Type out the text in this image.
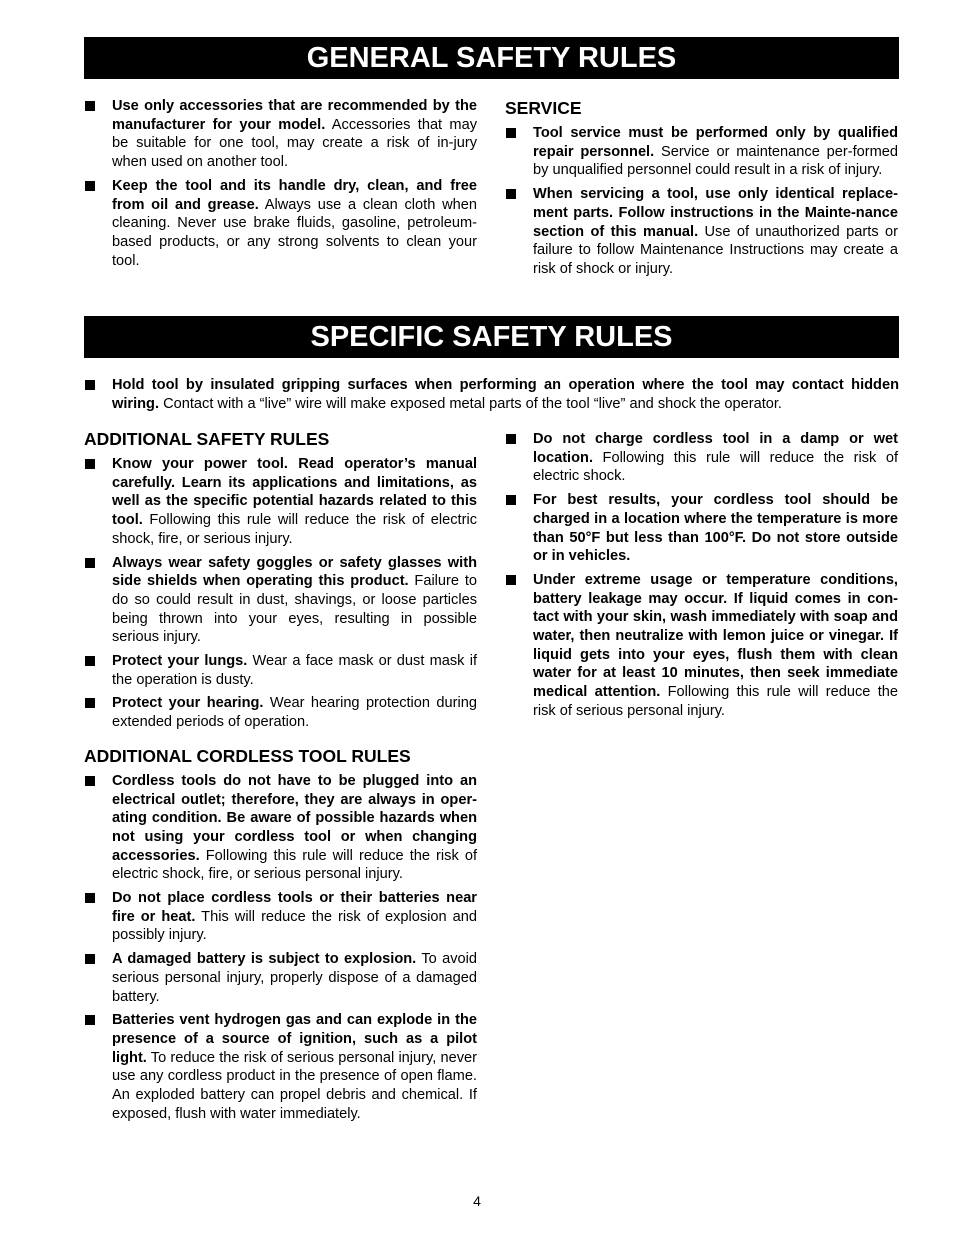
GENERAL SAFETY RULES
Use only accessories that are recommended by the manufacturer for your model. Accessories that may be suitable for one tool, may create a risk of in-jury when used on another tool.
Keep the tool and its handle dry, clean, and free from oil and grease. Always use a clean cloth when cleaning. Never use brake fluids, gasoline, petroleum-based products, or any strong solvents to clean your tool.
SERVICE
Tool service must be performed only by qualified repair personnel. Service or maintenance per-formed by unqualified personnel could result in a risk of injury.
When servicing a tool, use only identical replace-ment parts. Follow instructions in the Mainte-nance section of this manual. Use of unauthorized parts or failure to follow Maintenance Instructions may create a risk of shock or injury.
SPECIFIC SAFETY RULES
Hold tool by insulated gripping surfaces when performing an operation where the tool may contact hidden wiring. Contact with a “live” wire will make exposed metal parts of the tool “live” and shock the operator.
ADDITIONAL SAFETY RULES
Know your power tool. Read operator’s manual carefully. Learn its applications and limitations, as well as the specific potential hazards related to this tool. Following this rule will reduce the risk of electric shock, fire, or serious injury.
Always wear safety goggles or safety glasses with side shields when operating this product. Failure to do so could result in dust, shavings, or loose particles being thrown into your eyes, resulting in possible serious injury.
Protect your lungs. Wear a face mask or dust mask if the operation is dusty.
Protect your hearing. Wear hearing protection during extended periods of operation.
ADDITIONAL CORDLESS TOOL RULES
Cordless tools do not have to be plugged into an electrical outlet; therefore, they are always in oper-ating condition. Be aware of possible hazards when not using your cordless tool or when changing accessories. Following this rule will reduce the risk of electric shock, fire, or serious personal injury.
Do not place cordless tools or their batteries near fire or heat. This will reduce the risk of explosion and possibly injury.
A damaged battery is subject to explosion. To avoid serious personal injury, properly dispose of a damaged battery.
Batteries vent hydrogen gas and can explode in the presence of a source of ignition, such as a pilot light. To reduce the risk of serious personal injury, never use any cordless product in the presence of open flame. An exploded battery can propel debris and chemical. If exposed, flush with water immediately.
Do not charge cordless tool in a damp or wet location. Following this rule will reduce the risk of electric shock.
For best results, your cordless tool should be charged in a location where the temperature is more than 50°F but less than 100°F. Do not store outside or in vehicles.
Under extreme usage or temperature conditions, battery leakage may occur. If liquid comes in con-tact with your skin, wash immediately with soap and water, then neutralize with lemon juice or vinegar. If liquid gets into your eyes, flush them with clean water for at least 10 minutes, then seek immediate medical attention. Following this rule will reduce the risk of serious personal injury.
4
